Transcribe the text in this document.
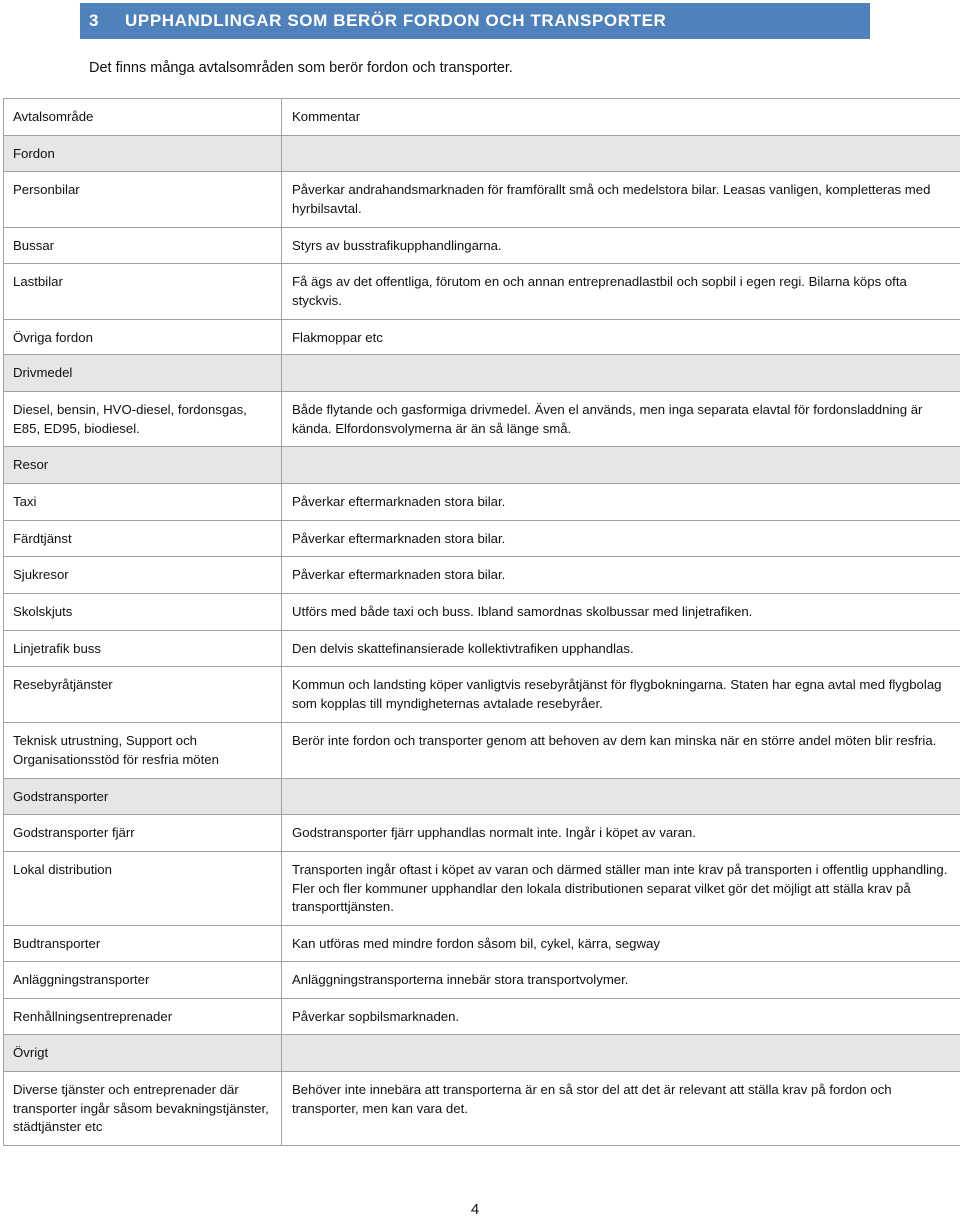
3	UPPHANDLINGAR SOM BERÖR FORDON OCH TRANSPORTER
Det finns många avtalsområden som berör fordon och transporter.
Avtalsområde	Kommentar
Fordon	
Personbilar	Påverkar andrahandsmarknaden för framförallt små och medelstora bilar. Leasas vanligen, kompletteras med hyrbilsavtal.
Bussar	Styrs av busstrafikupphandlingarna.
Lastbilar	Få ägs av det offentliga, förutom en och annan entreprenadlastbil och sopbil i egen regi. Bilarna köps ofta styckvis.
Övriga fordon	Flakmoppar etc
Drivmedel	
Diesel, bensin, HVO-diesel, fordonsgas, E85, ED95, biodiesel.	Både flytande och gasformiga drivmedel. Även el används, men inga separata elavtal för fordonsladdning är kända. Elfordonsvolymerna är än så länge små.
Resor	
Taxi	Påverkar eftermarknaden stora bilar.
Färdtjänst	Påverkar eftermarknaden stora bilar.
Sjukresor	Påverkar eftermarknaden stora bilar.
Skolskjuts	Utförs med både taxi och buss. Ibland samordnas skolbussar med linjetrafiken.
Linjetrafik buss	Den delvis skattefinansierade kollektivtrafiken upphandlas.
Resebyråtjänster	Kommun och landsting köper vanligtvis resebyråtjänst för flygbokningarna. Staten har egna avtal med flygbolag som kopplas till myndigheternas avtalade resebyråer.
Teknisk utrustning, Support och Organisationsstöd för resfria möten	Berör inte fordon och transporter genom att behoven av dem kan minska när en större andel möten blir resfria.
Godstransporter	
Godstransporter fjärr	Godstransporter fjärr upphandlas normalt inte. Ingår i köpet av varan.
Lokal distribution	Transporten ingår oftast i köpet av varan och därmed ställer man inte krav på transporten i offentlig upphandling. Fler och fler kommuner upphandlar den lokala distributionen separat vilket gör det möjligt att ställa krav på transporttjänsten.
Budtransporter	Kan utföras med mindre fordon såsom bil, cykel, kärra, segway
Anläggningstransporter	Anläggningstransporterna innebär stora transportvolymer.
Renhållningsentreprenader	Påverkar sopbilsmarknaden.
Övrigt	
Diverse tjänster och entreprenader där transporter ingår såsom bevakningstjänster, städtjänster etc	Behöver inte innebära att transporterna är en så stor del att det är relevant att ställa krav på fordon och transporter, men kan vara det.
4
